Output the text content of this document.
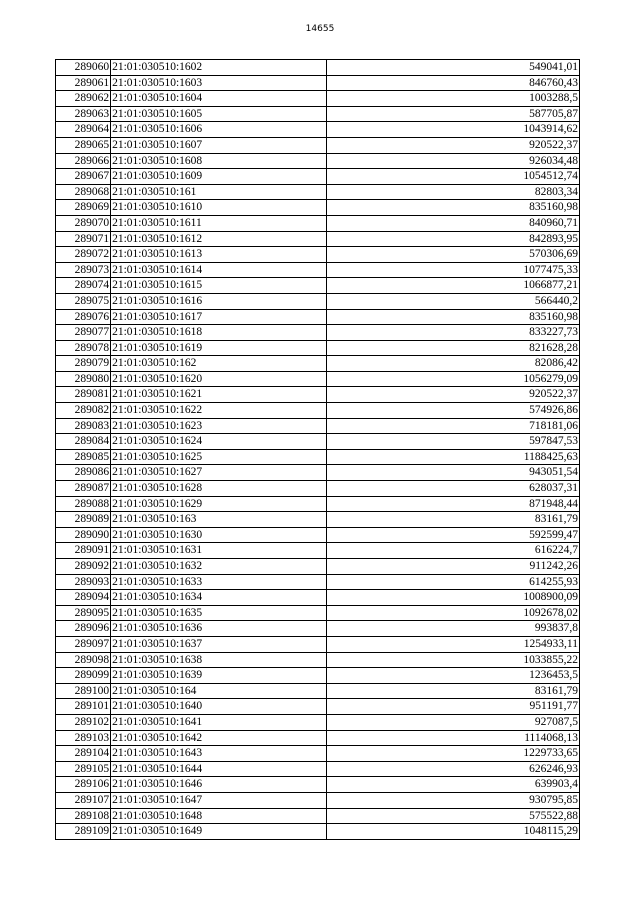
14655
289060	21:01:030510:1602	549041,01
289061	21:01:030510:1603	846760,43
289062	21:01:030510:1604	1003288,5
289063	21:01:030510:1605	587705,87
289064	21:01:030510:1606	1043914,62
289065	21:01:030510:1607	920522,37
289066	21:01:030510:1608	926034,48
289067	21:01:030510:1609	1054512,74
289068	21:01:030510:161	82803,34
289069	21:01:030510:1610	835160,98
289070	21:01:030510:1611	840960,71
289071	21:01:030510:1612	842893,95
289072	21:01:030510:1613	570306,69
289073	21:01:030510:1614	1077475,33
289074	21:01:030510:1615	1066877,21
289075	21:01:030510:1616	566440,2
289076	21:01:030510:1617	835160,98
289077	21:01:030510:1618	833227,73
289078	21:01:030510:1619	821628,28
289079	21:01:030510:162	82086,42
289080	21:01:030510:1620	1056279,09
289081	21:01:030510:1621	920522,37
289082	21:01:030510:1622	574926,86
289083	21:01:030510:1623	718181,06
289084	21:01:030510:1624	597847,53
289085	21:01:030510:1625	1188425,63
289086	21:01:030510:1627	943051,54
289087	21:01:030510:1628	628037,31
289088	21:01:030510:1629	871948,44
289089	21:01:030510:163	83161,79
289090	21:01:030510:1630	592599,47
289091	21:01:030510:1631	616224,7
289092	21:01:030510:1632	911242,26
289093	21:01:030510:1633	614255,93
289094	21:01:030510:1634	1008900,09
289095	21:01:030510:1635	1092678,02
289096	21:01:030510:1636	993837,8
289097	21:01:030510:1637	1254933,11
289098	21:01:030510:1638	1033855,22
289099	21:01:030510:1639	1236453,5
289100	21:01:030510:164	83161,79
289101	21:01:030510:1640	951191,77
289102	21:01:030510:1641	927087,5
289103	21:01:030510:1642	1114068,13
289104	21:01:030510:1643	1229733,65
289105	21:01:030510:1644	626246,93
289106	21:01:030510:1646	639903,4
289107	21:01:030510:1647	930795,85
289108	21:01:030510:1648	575522,88
289109	21:01:030510:1649	1048115,29
